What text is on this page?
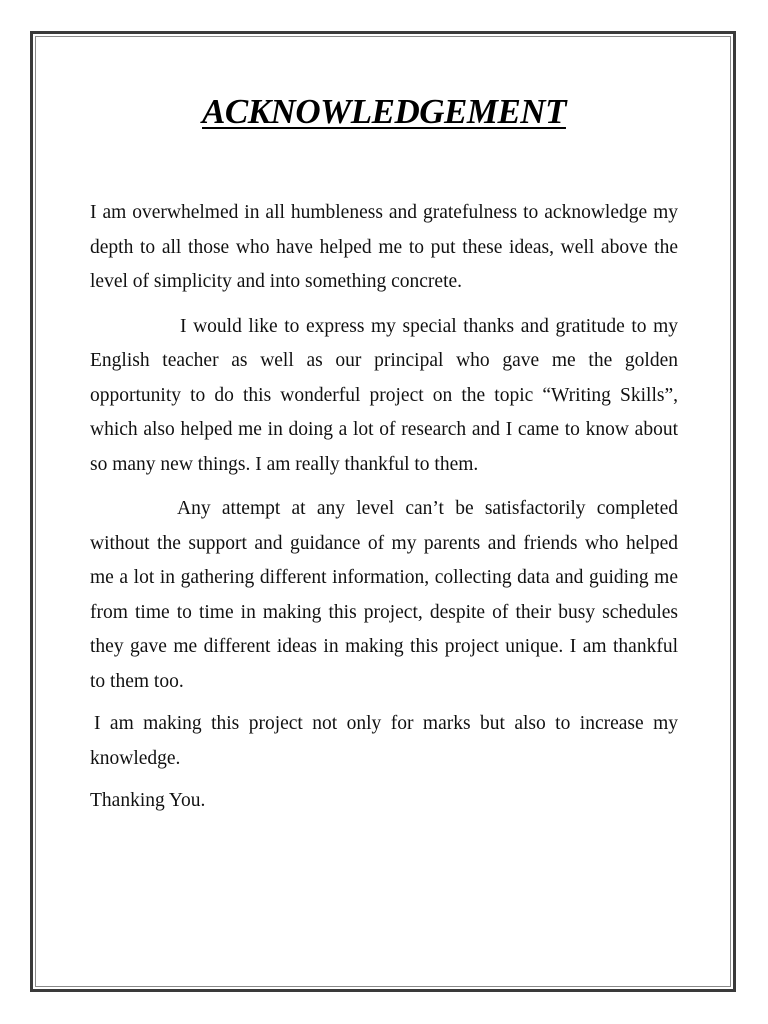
ACKNOWLEDGEMENT

I am overwhelmed in all humbleness and gratefulness to acknowledge my depth to all those who have helped me to put these ideas, well above the level of simplicity and into something concrete.

I would like to express my special thanks and gratitude to my English teacher as well as our principal who gave me the golden opportunity to do this wonderful project on the topic “Writing Skills”, which also helped me in doing a lot of research and I came to know about so many new things. I am really thankful to them.

Any attempt at any level can’t be satisfactorily completed without the support and guidance of my parents and friends who helped me a lot in gathering different information, collecting data and guiding me from time to time in making this project, despite of their busy schedules they gave me different ideas in making this project unique. I am thankful to them too.

I am making this project not only for marks but also to increase my knowledge.

Thanking You.
